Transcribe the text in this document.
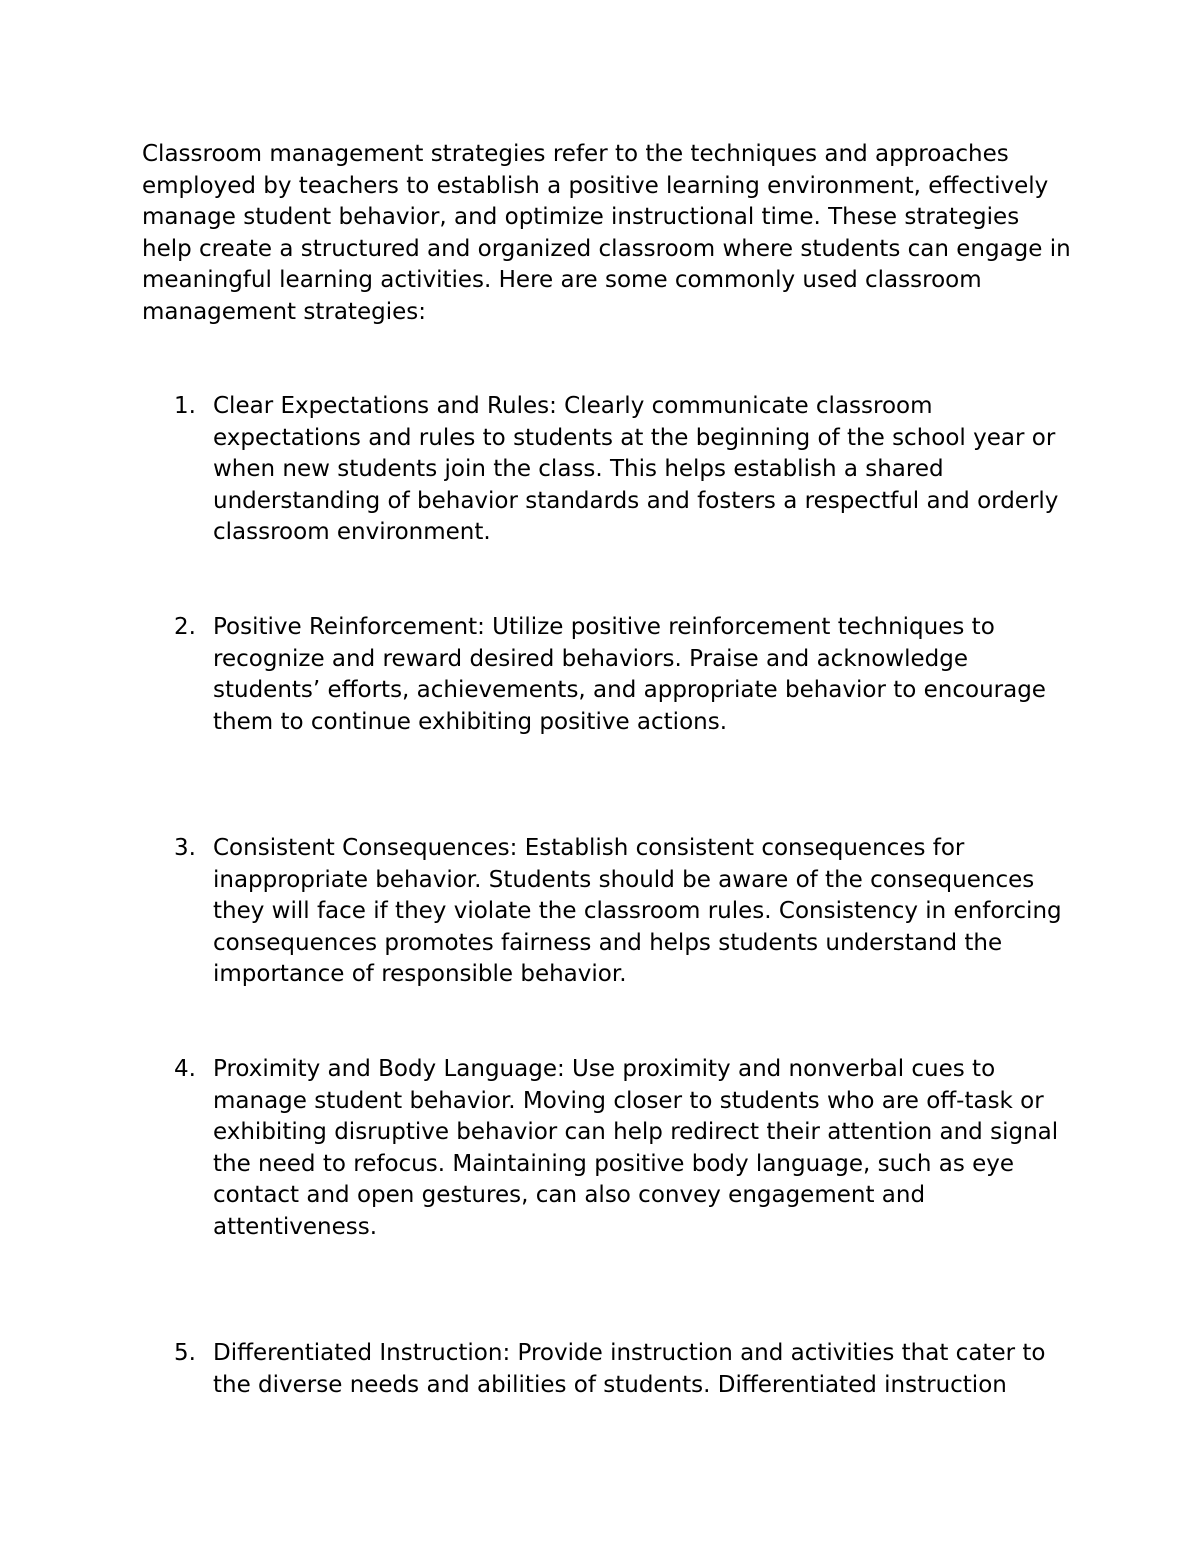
Classroom management strategies refer to the techniques and approaches employed by teachers to establish a positive learning environment, effectively manage student behavior, and optimize instructional time. These strategies help create a structured and organized classroom where students can engage in meaningful learning activities. Here are some commonly used classroom management strategies:

1. Clear Expectations and Rules: Clearly communicate classroom expectations and rules to students at the beginning of the school year or when new students join the class. This helps establish a shared understanding of behavior standards and fosters a respectful and orderly classroom environment.
2. Positive Reinforcement: Utilize positive reinforcement techniques to recognize and reward desired behaviors. Praise and acknowledge students’ efforts, achievements, and appropriate behavior to encourage them to continue exhibiting positive actions.
3. Consistent Consequences: Establish consistent consequences for inappropriate behavior. Students should be aware of the consequences they will face if they violate the classroom rules. Consistency in enforcing consequences promotes fairness and helps students understand the importance of responsible behavior.
4. Proximity and Body Language: Use proximity and nonverbal cues to manage student behavior. Moving closer to students who are off-task or exhibiting disruptive behavior can help redirect their attention and signal the need to refocus. Maintaining positive body language, such as eye contact and open gestures, can also convey engagement and attentiveness.
5. Differentiated Instruction: Provide instruction and activities that cater to the diverse needs and abilities of students. Differentiated instruction
